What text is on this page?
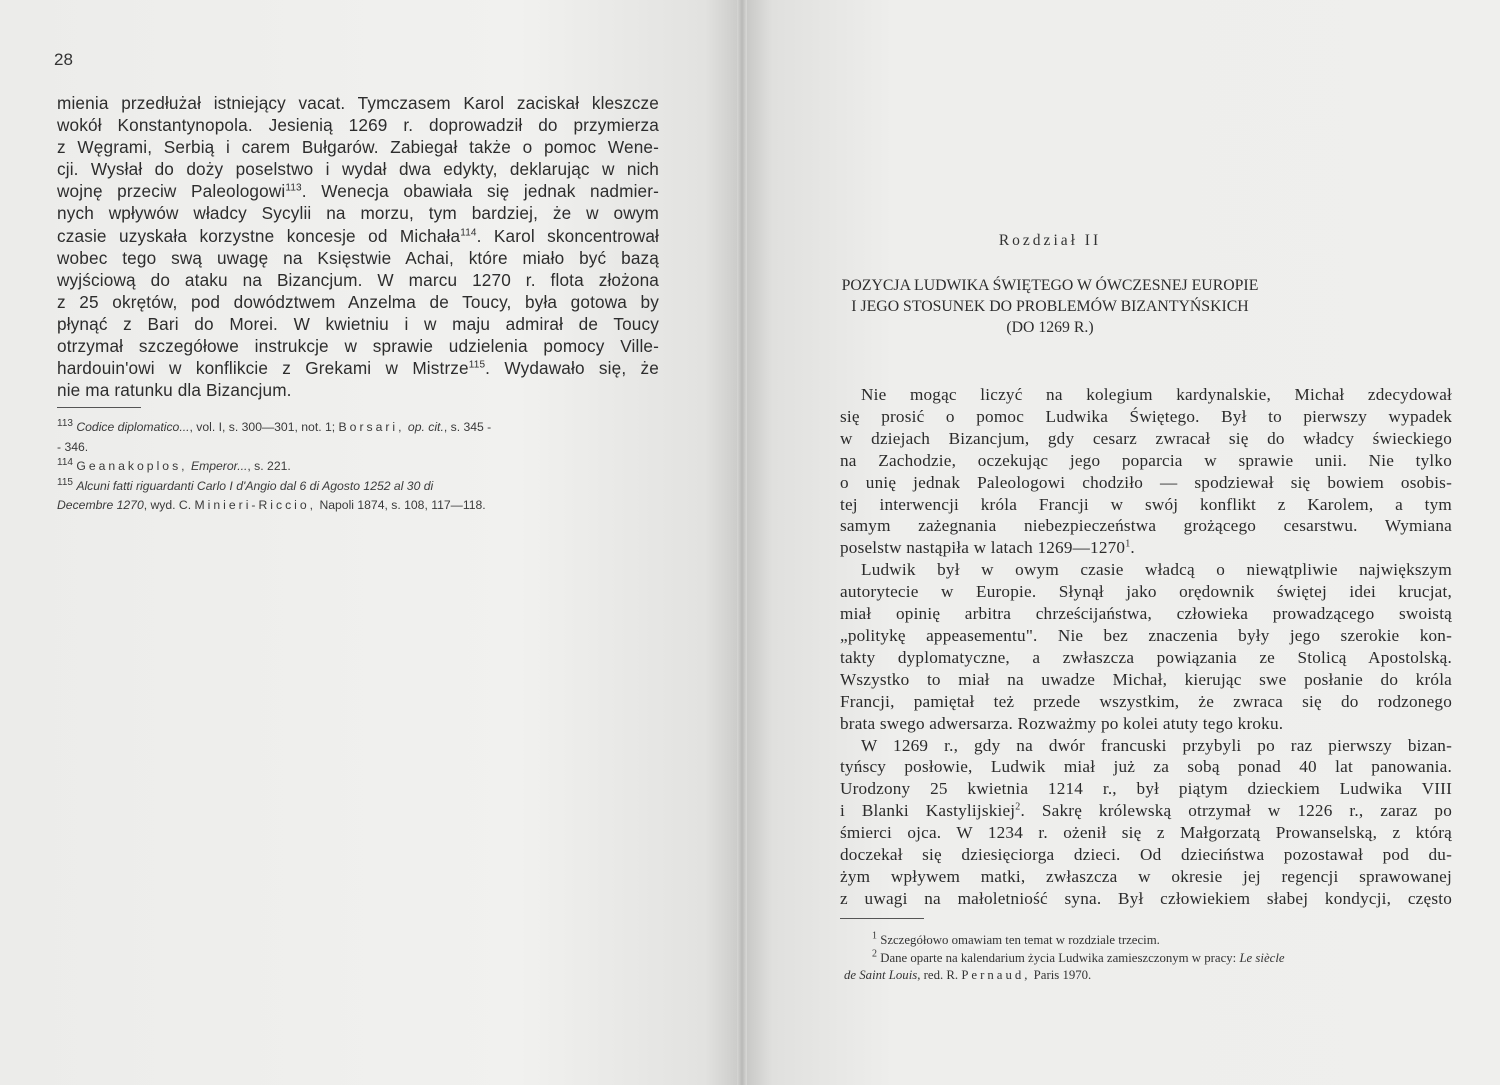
28
mienia przedłużał istniejący vacat. Tymczasem Karol zaciskał kleszcze
wokół Konstantynopola. Jesienią 1269 r. doprowadził do przymierza
z Węgrami, Serbią i carem Bułgarów. Zabiegał także o pomoc Wene-
cji. Wysłał do doży poselstwo i wydał dwa edykty, deklarując w nich
wojnę przeciw Paleologowi$^{113}$. Wenecja obawiała się jednak nadmier-
nych wpływów władcy Sycylii na morzu, tym bardziej, że w owym
czasie uzyskała korzystne koncesje od Michała$^{114}$. Karol skoncentrował
wobec tego swą uwagę na Księstwie Achai, które miało być bazą
wyjściową do ataku na Bizancjum. W marcu 1270 r. flota złożona
z 25 okrętów, pod dowództwem Anzelma de Toucy, była gotowa by
płynąć z Bari do Morei. W kwietniu i w maju admirał de Toucy
otrzymał szczegółowe instrukcje w sprawie udzielenia pomocy Ville-
hardouin'owi w konflikcie z Grekami w Mistrze$^{115}$. Wydawało się, że
nie ma ratunku dla Bizancjum.
$^{113}$ Codice diplomatico..., vol. I, s. 300—301, not. 1; Borsari, op. cit., s. 345 -
- 346.
$^{114}$ Geanakoplos, Emperor..., s. 221.
$^{115}$ Alcuni fatti riguardanti Carlo I d'Angio dal 6 di Agosto 1252 al 30 di
Decembre 1270, wyd. C. Minieri-Riccio, Napoli 1874, s. 108, 117—118.
Rozdział II
POZYCJA LUDWIKA ŚWIĘTEGO W ÓWCZESNEJ EUROPIE
I JEGO STOSUNEK DO PROBLEMÓW BIZANTYŃSKICH
(DO 1269 R.)
Nie mogąc liczyć na kolegium kardynalskie, Michał zdecydował
się prosić o pomoc Ludwika Świętego. Był to pierwszy wypadek
w dziejach Bizancjum, gdy cesarz zwracał się do władcy świeckiego
na Zachodzie, oczekując jego poparcia w sprawie unii. Nie tylko
o unię jednak Paleologowi chodziło — spodziewał się bowiem osobis-
tej interwencji króla Francji w swój konflikt z Karolem, a tym
samym zażegnania niebezpieczeństwa grożącego cesarstwu. Wymiana
poselstw nastąpiła w latach 1269—1270$^1$.
Ludwik był w owym czasie władcą o niewątpliwie największym
autorytecie w Europie. Słynął jako orędownik świętej idei krucjat,
miał opinię arbitra chrześcijaństwa, człowieka prowadzącego swoistą
„politykę appeasementu". Nie bez znaczenia były jego szerokie kon-
takty dyplomatyczne, a zwłaszcza powiązania ze Stolicą Apostolską.
Wszystko to miał na uwadze Michał, kierując swe posłanie do króla
Francji, pamiętał też przede wszystkim, że zwraca się do rodzonego
brata swego adwersarza. Rozważmy po kolei atuty tego kroku.
W 1269 r., gdy na dwór francuski przybyli po raz pierwszy bizan-
tyńscy posłowie, Ludwik miał już za sobą ponad 40 lat panowania.
Urodzony 25 kwietnia 1214 r., był piątym dzieckiem Ludwika VIII
i Blanki Kastylijskiej$^2$. Sakrę królewską otrzymał w 1226 r., zaraz po
śmierci ojca. W 1234 r. ożenił się z Małgorzatą Prowanselską, z którą
doczekał się dziesięciorga dzieci. Od dzieciństwa pozostawał pod du-
żym wpływem matki, zwłaszcza w okresie jej regencji sprawowanej
z uwagi na małoletniość syna. Był człowiekiem słabej kondycji, często
$^1$ Szczegółowo omawiam ten temat w rozdziale trzecim.
$^2$ Dane oparte na kalendarium życia Ludwika zamieszczonym w pracy: Le siècle
de Saint Louis, red. R. Pernaud, Paris 1970.
